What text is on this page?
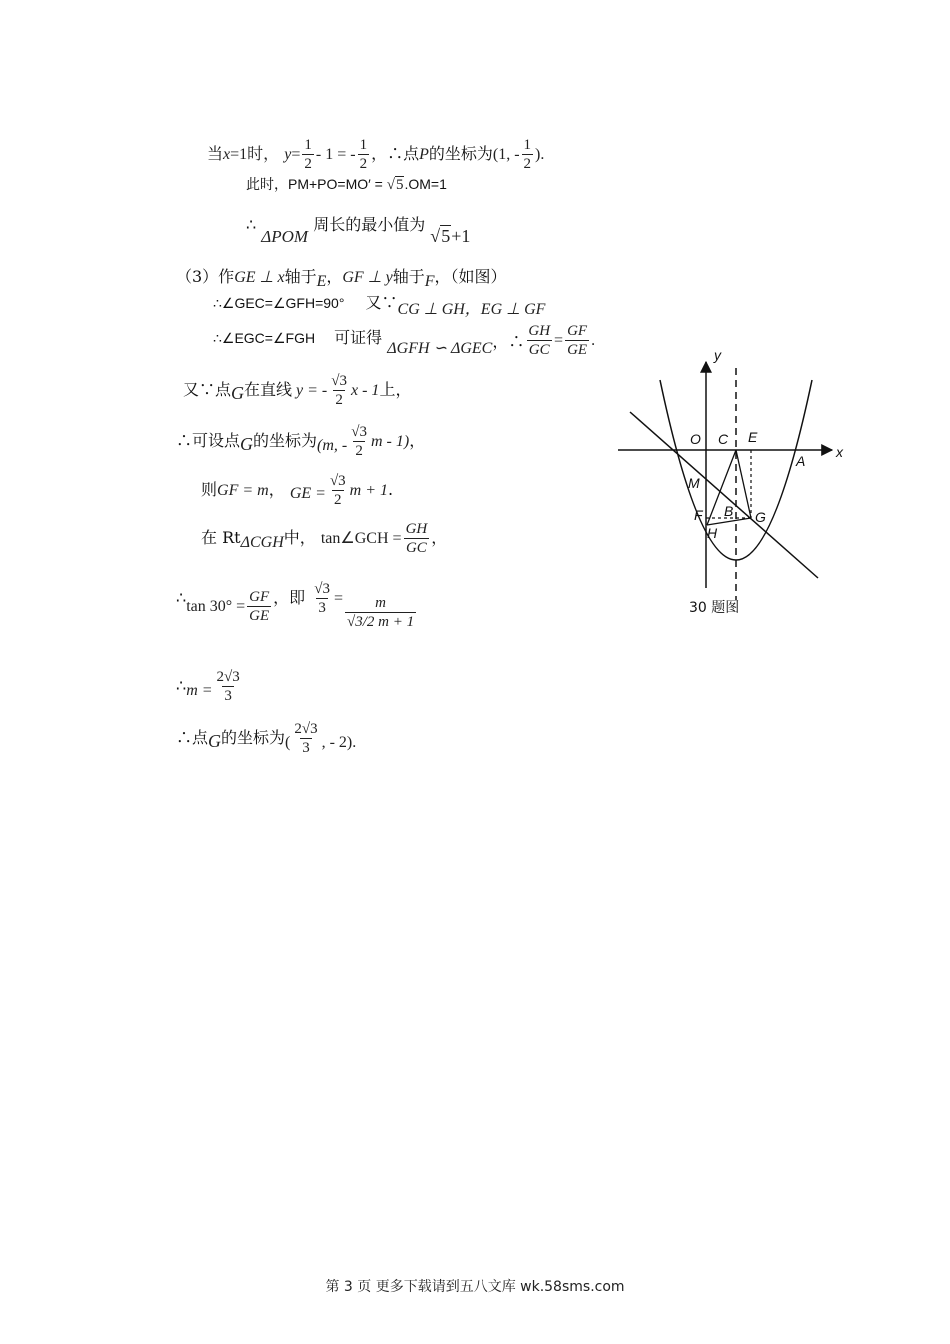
当x=1时， $y= \frac{1}{2} - 1$ = - $\frac{1}{2}$ ，∴点P的坐标为(1, - $\frac{1}{2}$ ).
此时，PM+PO=MO′ = √5.OM=1
∴ ΔPOM 周长的最小值为 √5+1
（3）作GE ⊥ x轴于E，GF ⊥ y轴于F，（如图）
∴∠GEC=∠GFH=90° 又∵CG ⊥ GH，EG ⊥ GF
∴∠EGC=∠FGH 可证得 ΔGFH ∽ ΔGEC，∴ $\frac{GH}{GC} = \frac{GF}{GE}$ .
又∵点G在直线 y = - $\frac{√3}{2}$ x - 1上，
∴可设点G的坐标为(m, - $\frac{√3}{2}$ m - 1)，
则GF = m， GE = $\frac{√3}{2}$ m + 1.
在 RtΔCGH中， tan∠GCH = $\frac{GH}{GC}$ ，
∴tan $30^\circ = \frac{GF}{GE}$ ，即 $\frac{√3}{3} = \frac{m}{√3/2 m + 1}$
∴m = $\frac{2√3}{3}$
∴点G的坐标为( $\frac{2√3}{3}$ , - 2).
y
x
O C E
A
M
B
F	G
H
30 题图
第 3 页 更多下载请到五八文库 wk.58sms.com
